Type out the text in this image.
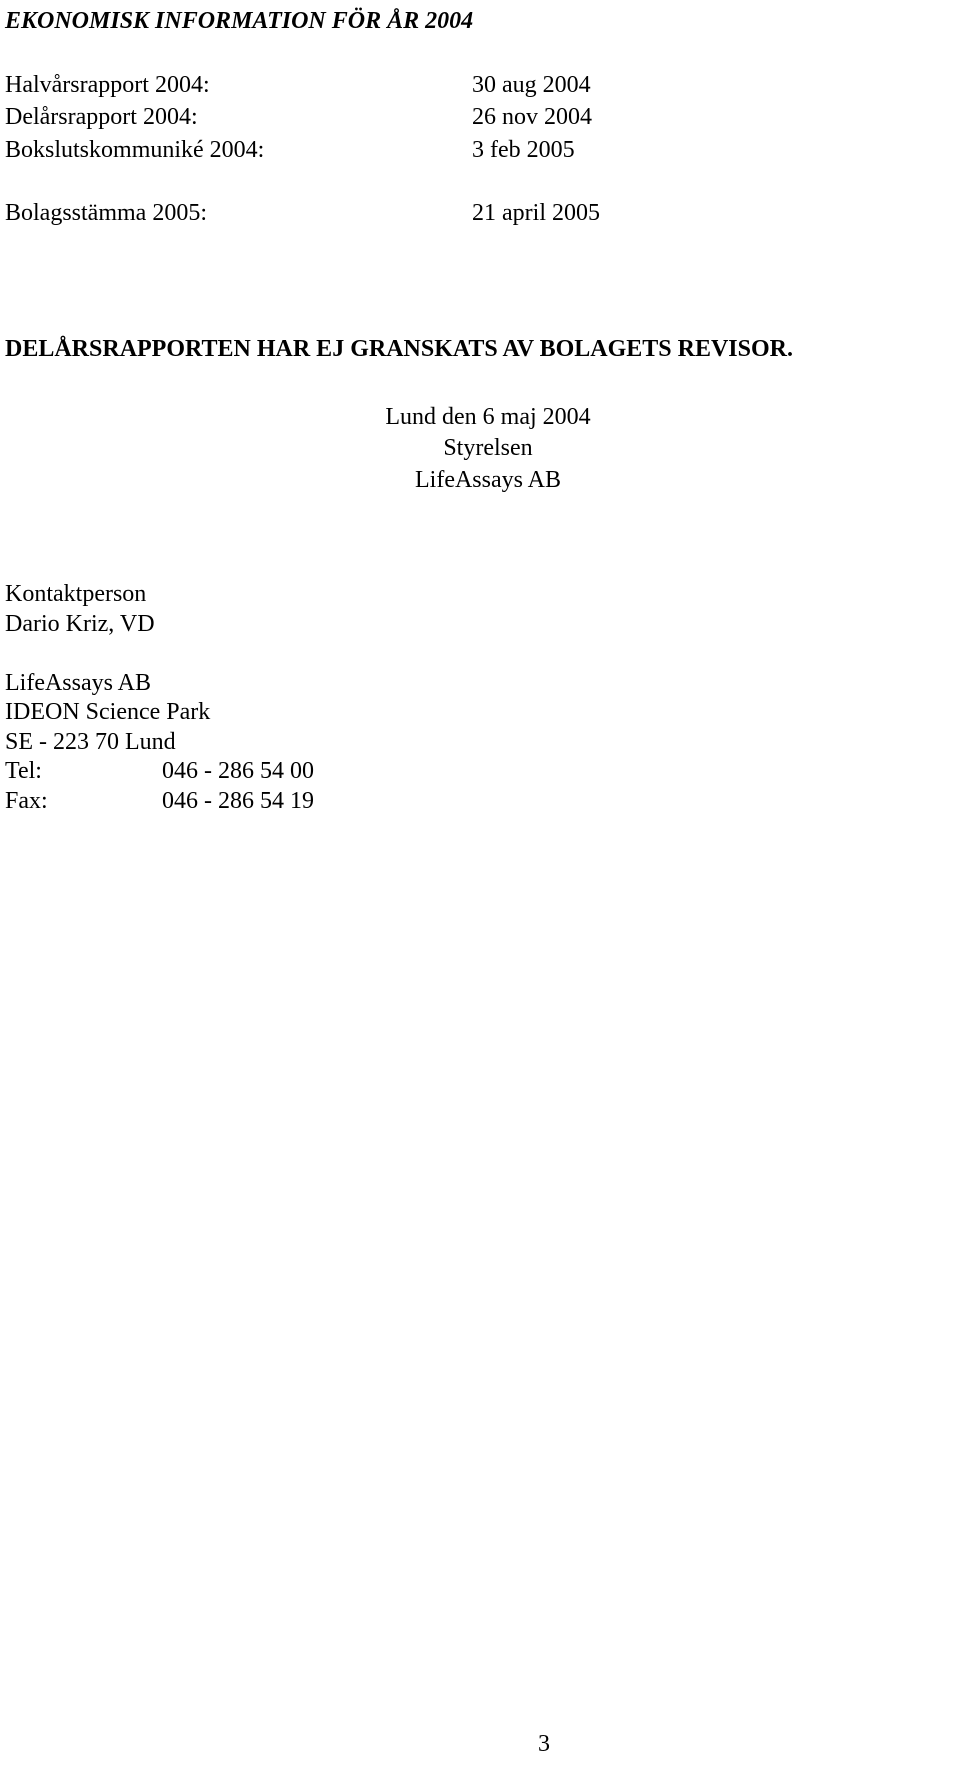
EKONOMISK INFORMATION FÖR ÅR 2004
Halvårsrapport 2004:	30 aug 2004
Delårsrapport 2004:	26 nov 2004
Bokslutskommuniké 2004:	3 feb 2005
Bolagsstämma 2005:	21 april 2005
DELÅRSRAPPORTEN HAR EJ GRANSKATS AV BOLAGETS REVISOR.
Lund den 6 maj 2004
Styrelsen
LifeAssays AB
Kontaktperson
Dario Kriz, VD
LifeAssays AB
IDEON Science Park
SE - 223 70 Lund
Tel:	046 - 286 54 00
Fax:	046 - 286 54 19
3
